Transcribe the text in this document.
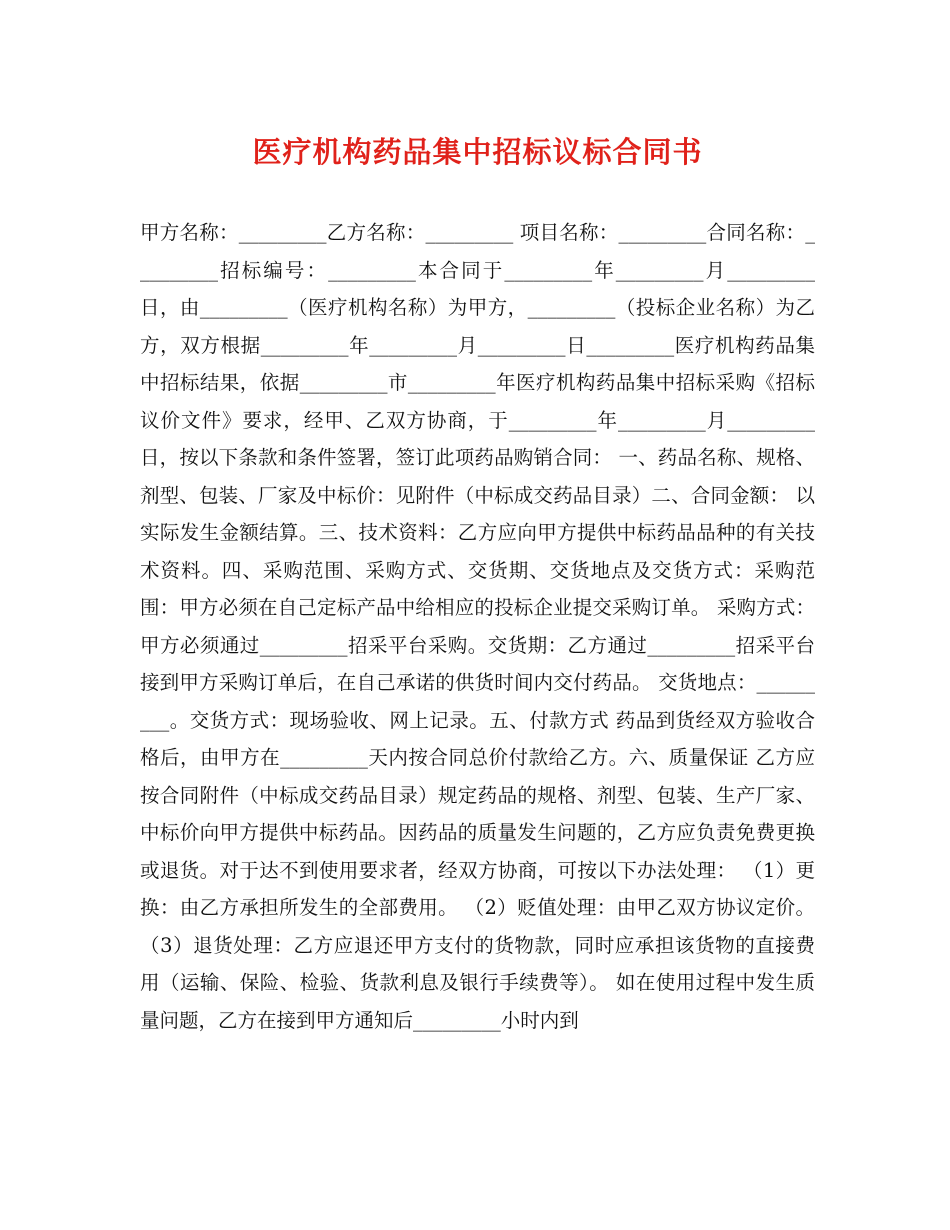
医疗机构药品集中招标议标合同书
甲方名称：_________乙方名称：_________ 项目名称：_________合同名称：_________招标编号：_________本合同于_________年_________月_________日，由_________（医疗机构名称）为甲方，_________（投标企业名称）为乙方，双方根据_________年_________月_________日_________医疗机构药品集中招标结果，依据_________市_________年医疗机构药品集中招标采购《招标议价文件》要求，经甲、乙双方协商，于_________年_________月_________日，按以下条款和条件签署，签订此项药品购销合同： 一、药品名称、规格、剂型、包装、厂家及中标价：见附件（中标成交药品目录）二、合同金额： 以实际发生金额结算。三、技术资料：乙方应向甲方提供中标药品品种的有关技术资料。四、采购范围、采购方式、交货期、交货地点及交货方式：采购范围：甲方必须在自己定标产品中给相应的投标企业提交采购订单。 采购方式：甲方必须通过_________招采平台采购。交货期：乙方通过_________招采平台接到甲方采购订单后，在自己承诺的供货时间内交付药品。 交货地点：_________。交货方式：现场验收、网上记录。五、付款方式 药品到货经双方验收合格后，由甲方在_________天内按合同总价付款给乙方。六、质量保证 乙方应按合同附件（中标成交药品目录）规定药品的规格、剂型、包装、生产厂家、中标价向甲方提供中标药品。因药品的质量发生问题的，乙方应负责免费更换或退货。对于达不到使用要求者，经双方协商，可按以下办法处理： （1）更换：由乙方承担所发生的全部费用。 （2）贬值处理：由甲乙双方协议定价。（3）退货处理：乙方应退还甲方支付的货物款，同时应承担该货物的直接费用（运输、保险、检验、货款利息及银行手续费等）。 如在使用过程中发生质量问题，乙方在接到甲方通知后_________小时内到
